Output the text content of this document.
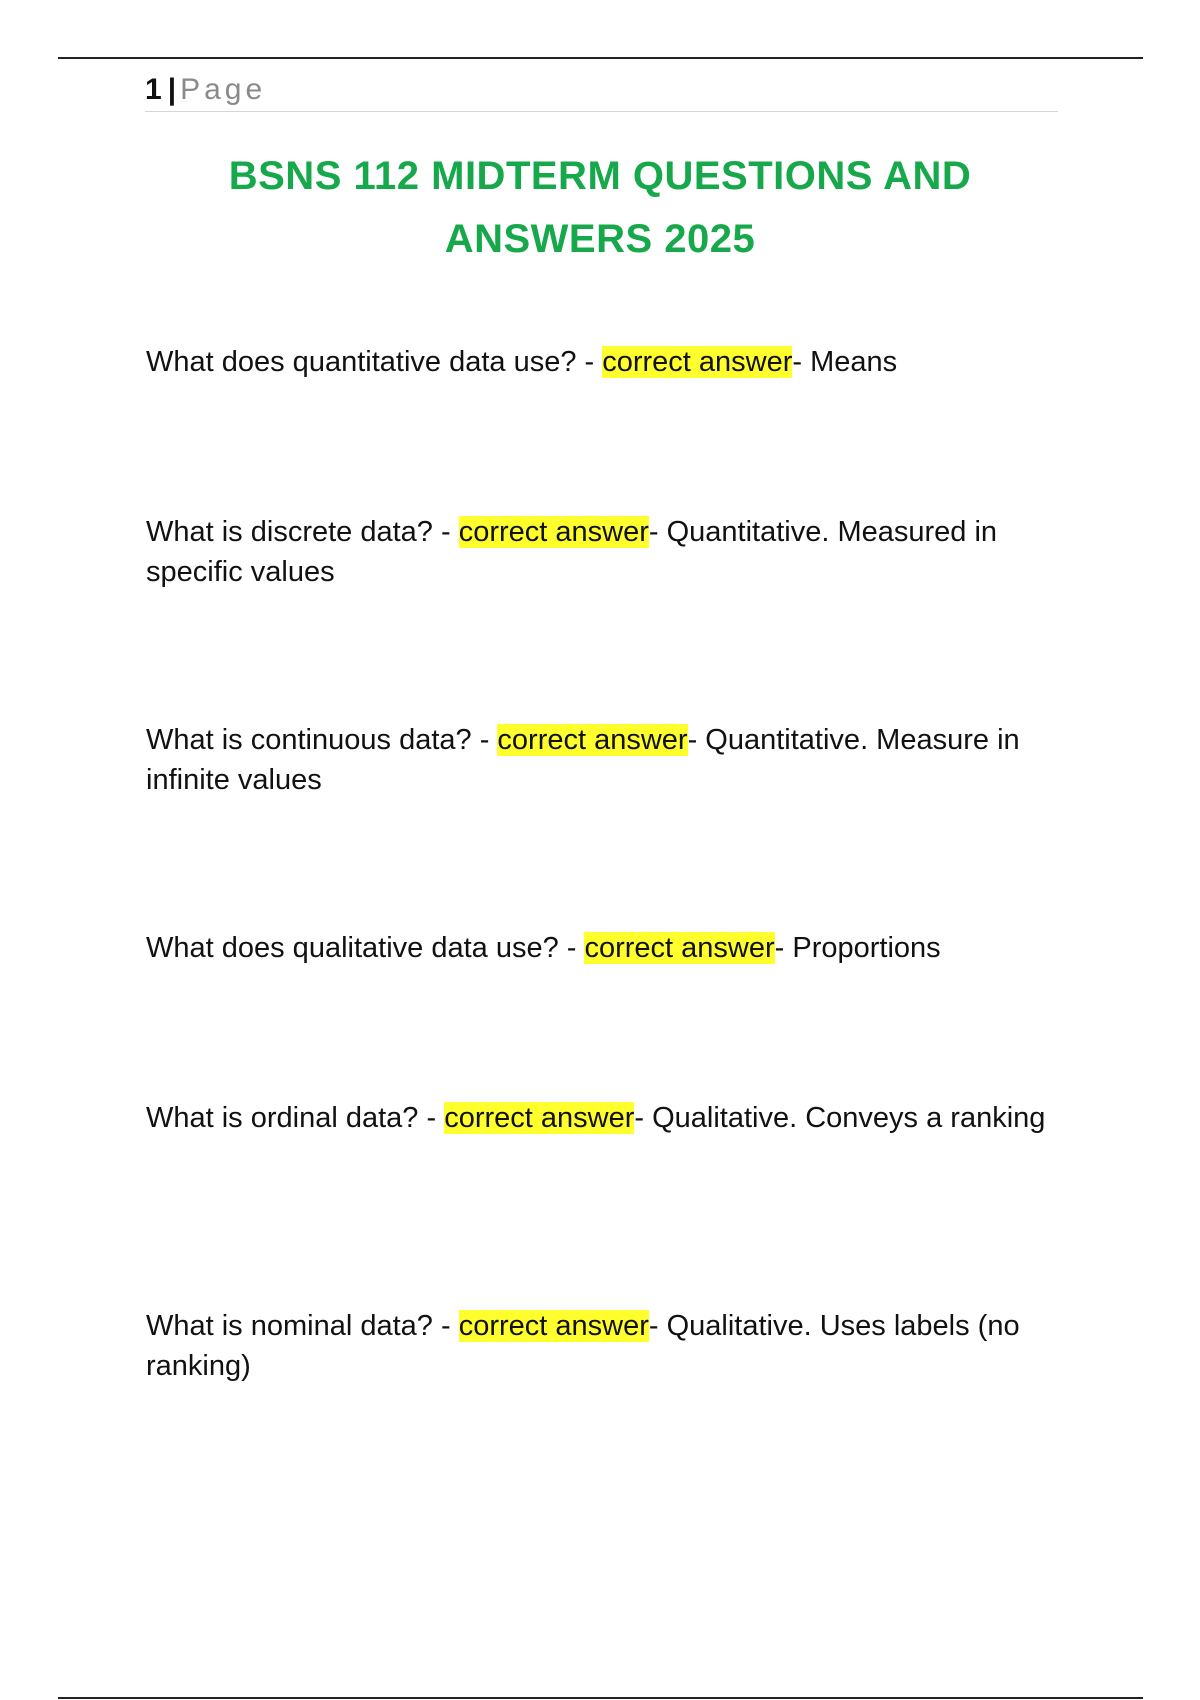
1 | Page
BSNS 112 MIDTERM QUESTIONS AND ANSWERS 2025

What does quantitative data use? - correct answer- Means

What is discrete data? - correct answer- Quantitative. Measured in specific values

What is continuous data? - correct answer- Quantitative. Measure in infinite values

What does qualitative data use? - correct answer- Proportions

What is ordinal data? - correct answer- Qualitative. Conveys a ranking

What is nominal data? - correct answer- Qualitative. Uses labels (no ranking)
